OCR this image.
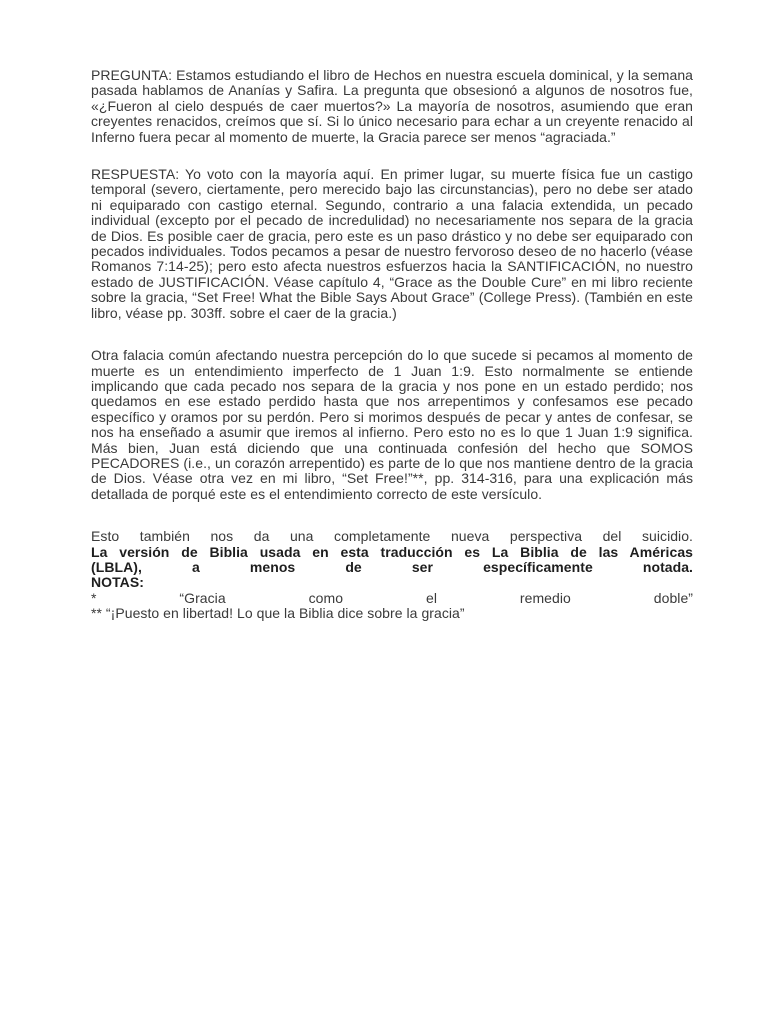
PREGUNTA: Estamos estudiando el libro de Hechos en nuestra escuela dominical, y la semana pasada hablamos de Ananías y Safira. La pregunta que obsesionó a algunos de nosotros fue, «¿Fueron al cielo después de caer muertos?» La mayoría de nosotros, asumiendo que eran creyentes renacidos, creímos que sí. Si lo único necesario para echar a un creyente renacido al Inferno fuera pecar al momento de muerte, la Gracia parece ser menos “agraciada.”

RESPUESTA: Yo voto con la mayoría aquí. En primer lugar, su muerte física fue un castigo temporal (severo, ciertamente, pero merecido bajo las circunstancias), pero no debe ser atado ni equiparado con castigo eternal. Segundo, contrario a una falacia extendida, un pecado individual (excepto por el pecado de incredulidad) no necesariamente nos separa de la gracia de Dios. Es posible caer de gracia, pero este es un paso drástico y no debe ser equiparado con pecados individuales. Todos pecamos a pesar de nuestro fervoroso deseo de no hacerlo (véase Romanos 7:14-25); pero esto afecta nuestros esfuerzos hacia la SANTIFICACIÓN, no nuestro estado de JUSTIFICACIÓN. Véase capítulo 4, “Grace as the Double Cure” en mi libro reciente sobre la gracia, “Set Free! What the Bible Says About Grace” (College Press). (También en este libro, véase pp. 303ff. sobre el caer de la gracia.)

Otra falacia común afectando nuestra percepción do lo que sucede si pecamos al momento de muerte es un entendimiento imperfecto de 1 Juan 1:9. Esto normalmente se entiende implicando que cada pecado nos separa de la gracia y nos pone en un estado perdido; nos quedamos en ese estado perdido hasta que nos arrepentimos y confesamos ese pecado específico y oramos por su perdón. Pero si morimos después de pecar y antes de confesar, se nos ha enseñado a asumir que iremos al infierno. Pero esto no es lo que 1 Juan 1:9 significa. Más bien, Juan está diciendo que una continuada confesión del hecho que SOMOS PECADORES (i.e., un corazón arrepentido) es parte de lo que nos mantiene dentro de la gracia de Dios. Véase otra vez en mi libro, “Set Free!”**, pp. 314-316, para una explicación más detallada de porqué este es el entendimiento correcto de este versículo.

Esto también nos da una completamente nueva perspectiva del suicidio.
La versión de Biblia usada en esta traducción es La Biblia de las Américas
(LBLA), a menos de ser específicamente notada.
NOTAS:
* “Gracia como el remedio doble”
** “¡Puesto en libertad! Lo que la Biblia dice sobre la gracia”
